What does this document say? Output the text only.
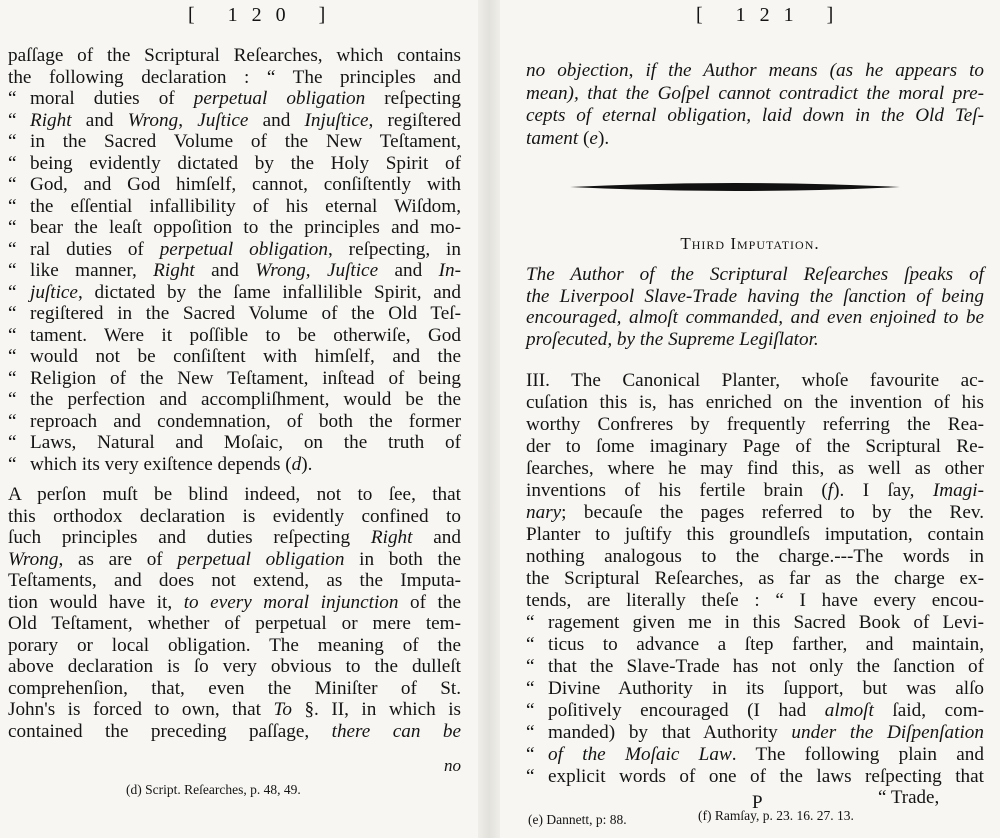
[ 120 ]
paſſage of the Scriptural Reſearches, which contains
the following declaration : “ The principles and
“ moral duties of perpetual obligation reſpecting
“ Right and Wrong, Juſtice and Injuſtice, regiſtered
“ in the Sacred Volume of the New Teſtament,
“ being evidently dictated by the Holy Spirit of
“ God, and God himſelf, cannot, conſiſtently with
“ the eſſential infallibility of his eternal Wiſdom,
“ bear the leaſt oppoſition to the principles and mo-
“ ral duties of perpetual obligation, reſpecting, in
“ like manner, Right and Wrong, Juſtice and In-
“ juſtice, dictated by the ſame infallilible Spirit, and
“ regiſtered in the Sacred Volume of the Old Teſ-
“ tament. Were it poſſible to be otherwiſe, God
“ would not be conſiſtent with himſelf, and the
“ Religion of the New Teſtament, inſtead of being
“ the perfection and accompliſhment, would be the
“ reproach and condemnation, of both the former
“ Laws, Natural and Moſaic, on the truth of
“ which its very exiſtence depends (d).
A perſon muſt be blind indeed, not to ſee, that
this orthodox declaration is evidently confined to
ſuch principles and duties reſpecting Right and
Wrong, as are of perpetual obligation in both the
Teſtaments, and does not extend, as the Imputa-
tion would have it, to every moral injunction of the
Old Teſtament, whether of perpetual or mere tem-
porary or local obligation. The meaning of the
above declaration is ſo very obvious to the dulleſt
comprehenſion, that, even the Miniſter of St.
John's is forced to own, that To §. II, in which is
contained the preceding paſſage, there can be
no
(d) Script. Reſearches, p. 48, 49.
[ 121 ]
no objection, if the Author means (as he appears to
mean), that the Goſpel cannot contradict the moral pre-
cepts of eternal obligation, laid down in the Old Teſ-
tament (e).
Third Imputation.
The Author of the Scriptural Reſearches ſpeaks of
the Liverpool Slave-Trade having the ſanction of being
encouraged, almoſt commanded, and even enjoined to be
proſecuted, by the Supreme Legiſlator.
III. The Canonical Planter, whoſe favourite ac-
cuſation this is, has enriched on the invention of his
worthy Confreres by frequently referring the Rea-
der to ſome imaginary Page of the Scriptural Re-
ſearches, where he may find this, as well as other
inventions of his fertile brain (f). I ſay, Imagi-
nary; becauſe the pages referred to by the Rev.
Planter to juſtify this groundleſs imputation, contain
nothing analogous to the charge.---The words in
the Scriptural Reſearches, as far as the charge ex-
tends, are literally theſe : “ I have every encou-
“ ragement given me in this Sacred Book of Levi-
“ ticus to advance a ſtep farther, and maintain,
“ that the Slave-Trade has not only the ſanction of
“ Divine Authority in its ſupport, but was alſo
“ poſitively encouraged (I had almoſt ſaid, com-
“ manded) by that Authority under the Diſpenſation
“ of the Moſaic Law. The following plain and
“ explicit words of one of the laws reſpecting that
“ Trade,
P
(e) Dannett, p: 88.	(f) Ramſay, p. 23. 16. 27. 13.
